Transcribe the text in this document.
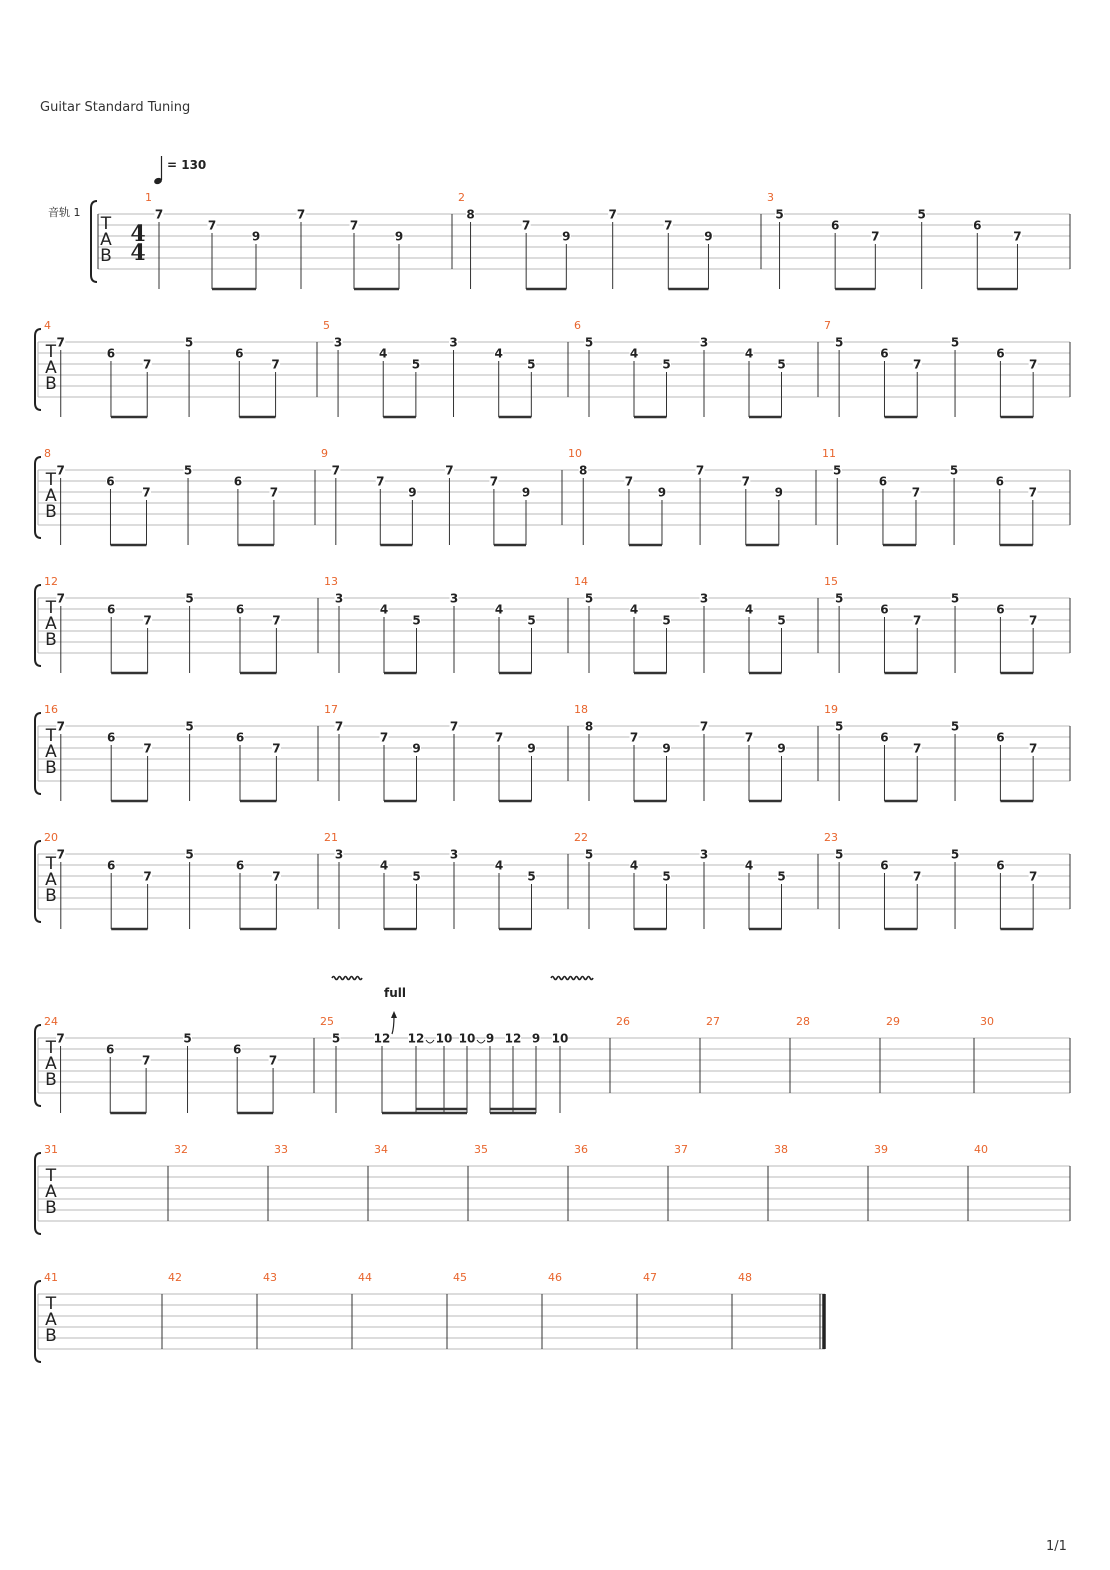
Guitar Standard Tuning
1/1
= 130
音轨 1
T
A
B
4
4
1
7
7
9
7
7
9
2
8
7
9
7
7
9
3
5
6
7
5
6
7
T
A
B
4
7
6
7
5
6
7
5
3
4
5
3
4
5
6
5
4
5
3
4
5
7
5
6
7
5
6
7
T
A
B
8
7
6
7
5
6
7
9
7
7
9
7
7
9
10
8
7
9
7
7
9
11
5
6
7
5
6
7
T
A
B
12
7
6
7
5
6
7
13
3
4
5
3
4
5
14
5
4
5
3
4
5
15
5
6
7
5
6
7
T
A
B
16
7
6
7
5
6
7
17
7
7
9
7
7
9
18
8
7
9
7
7
9
19
5
6
7
5
6
7
T
A
B
20
7
6
7
5
6
7
21
3
4
5
3
4
5
22
5
4
5
3
4
5
23
5
6
7
5
6
7
T
A
B
24
7
6
7
5
6
7
25
5	12 12 10 10 9 12 9 10
26	27	28	29	30
T
A
B
31	32	33	34	35	36	37	38	39	40
T
A
B
41	42	43	44	45	46	47	48
full
